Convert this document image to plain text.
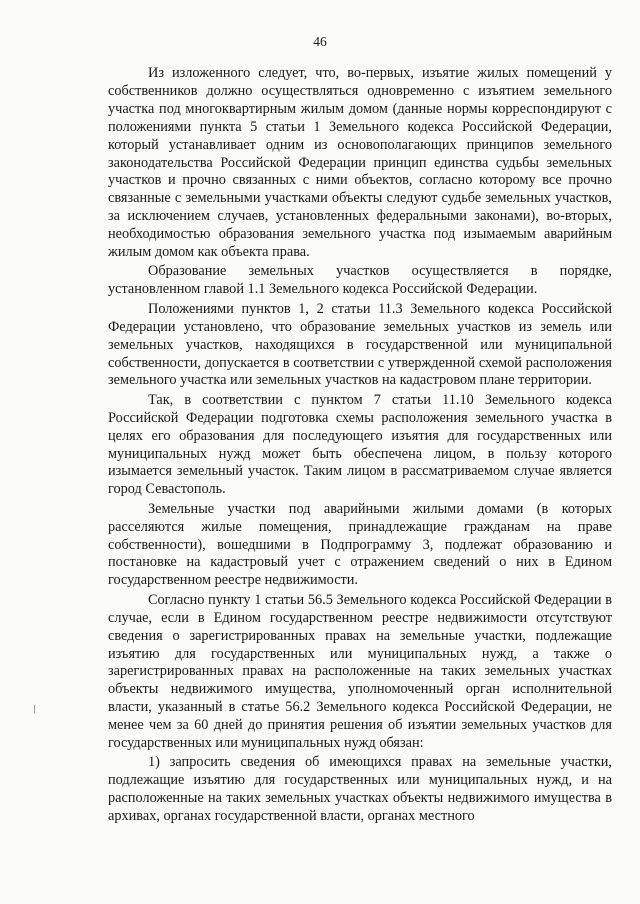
46

Из изложенного следует, что, во-первых, изъятие жилых помещений у собственников должно осуществляться одновременно с изъятием земельного участка под многоквартирным жилым домом (данные нормы корреспондируют с положениями пункта 5 статьи 1 Земельного кодекса Российской Федерации, который устанавливает одним из основополагающих принципов земельного законодательства Российской Федерации принцип единства судьбы земельных участков и прочно связанных с ними объектов, согласно которому все прочно связанные с земельными участками объекты следуют судьбе земельных участков, за исключением случаев, установленных федеральными законами), во-вторых, необходимостью образования земельного участка под изымаемым аварийным жилым домом как объекта права.

Образование земельных участков осуществляется в порядке, установленном главой 1.1 Земельного кодекса Российской Федерации.

Положениями пунктов 1, 2 статьи 11.3 Земельного кодекса Российской Федерации установлено, что образование земельных участков из земель или земельных участков, находящихся в государственной или муниципальной собственности, допускается в соответствии с утвержденной схемой расположения земельного участка или земельных участков на кадастровом плане территории.

Так, в соответствии с пунктом 7 статьи 11.10 Земельного кодекса Российской Федерации подготовка схемы расположения земельного участка в целях его образования для последующего изъятия для государственных или муниципальных нужд может быть обеспечена лицом, в пользу которого изымается земельный участок. Таким лицом в рассматриваемом случае является город Севастополь.

Земельные участки под аварийными жилыми домами (в которых расселяются жилые помещения, принадлежащие гражданам на праве собственности), вошедшими в Подпрограмму 3, подлежат образованию и постановке на кадастровый учет с отражением сведений о них в Едином государственном реестре недвижимости.

Согласно пункту 1 статьи 56.5 Земельного кодекса Российской Федерации в случае, если в Едином государственном реестре недвижимости отсутствуют сведения о зарегистрированных правах на земельные участки, подлежащие изъятию для государственных или муниципальных нужд, а также о зарегистрированных правах на расположенные на таких земельных участках объекты недвижимого имущества, уполномоченный орган исполнительной власти, указанный в статье 56.2 Земельного кодекса Российской Федерации, не менее чем за 60 дней до принятия решения об изъятии земельных участков для государственных или муниципальных нужд обязан:

1) запросить сведения об имеющихся правах на земельные участки, подлежащие изъятию для государственных или муниципальных нужд, и на расположенные на таких земельных участках объекты недвижимого имущества в архивах, органах государственной власти, органах местного
